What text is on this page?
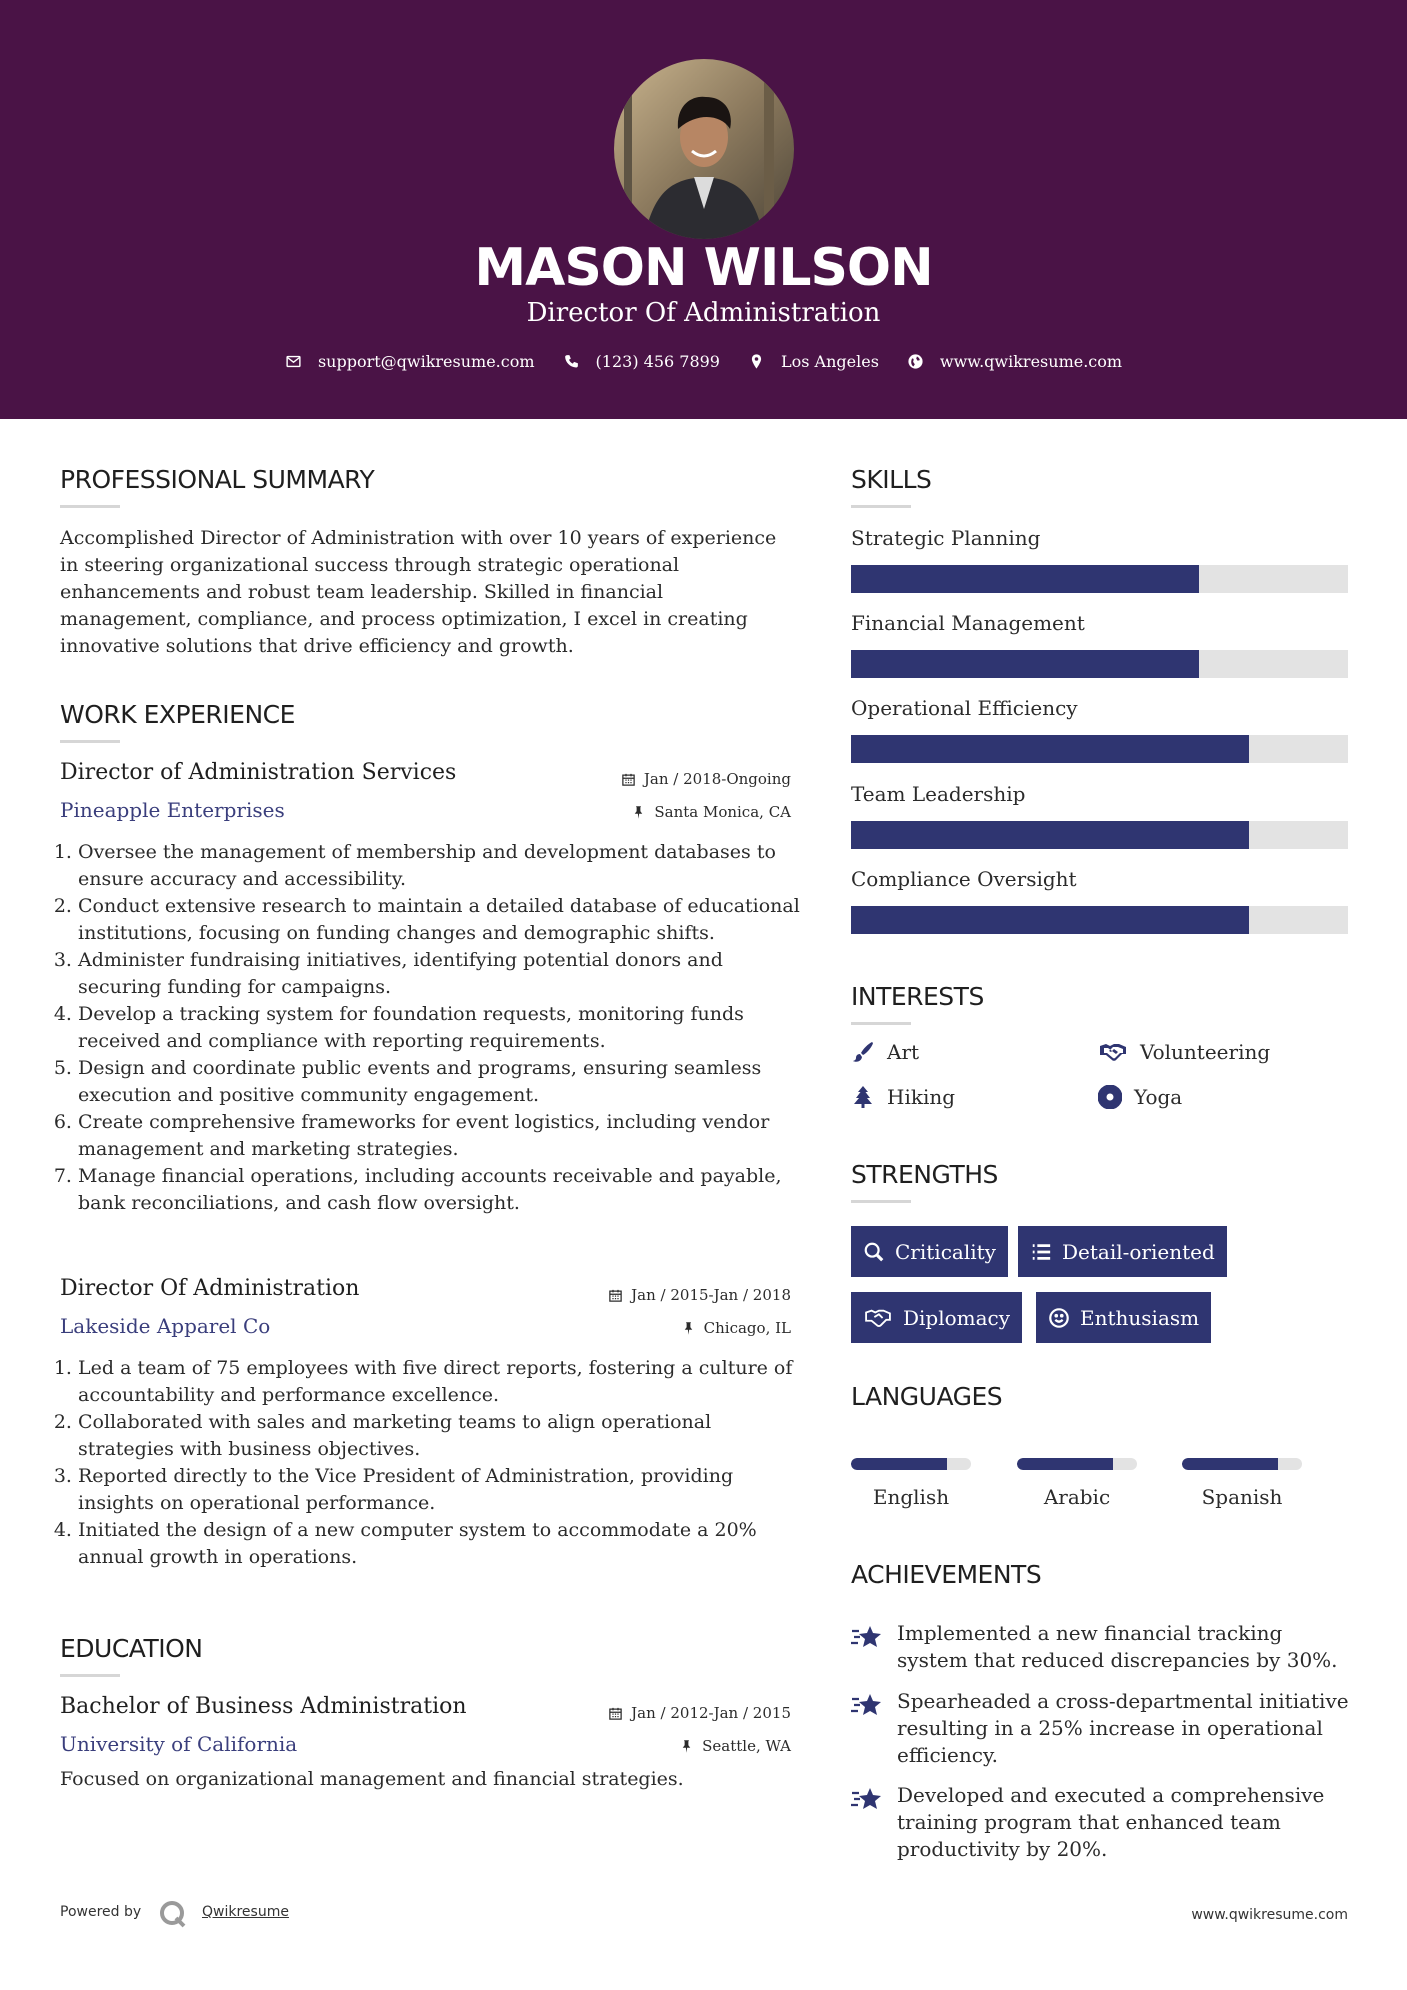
MASON WILSON
Director Of Administration
support@qwikresume.com	(123) 456 7899	Los Angeles	www.qwikresume.com
PROFESSIONAL SUMMARY
Accomplished Director of Administration with over 10 years of experience in steering organizational success through strategic operational enhancements and robust team leadership. Skilled in financial management, compliance, and process optimization, I excel in creating innovative solutions that drive efficiency and growth.
WORK EXPERIENCE
Director of Administration Services	Jan / 2018-Ongoing
Pineapple Enterprises	Santa Monica, CA
1. Oversee the management of membership and development databases to ensure accuracy and accessibility.
2. Conduct extensive research to maintain a detailed database of educational institutions, focusing on funding changes and demographic shifts.
3. Administer fundraising initiatives, identifying potential donors and securing funding for campaigns.
4. Develop a tracking system for foundation requests, monitoring funds received and compliance with reporting requirements.
5. Design and coordinate public events and programs, ensuring seamless execution and positive community engagement.
6. Create comprehensive frameworks for event logistics, including vendor management and marketing strategies.
7. Manage financial operations, including accounts receivable and payable, bank reconciliations, and cash flow oversight.
Director Of Administration	Jan / 2015-Jan / 2018
Lakeside Apparel Co	Chicago, IL
1. Led a team of 75 employees with five direct reports, fostering a culture of accountability and performance excellence.
2. Collaborated with sales and marketing teams to align operational strategies with business objectives.
3. Reported directly to the Vice President of Administration, providing insights on operational performance.
4. Initiated the design of a new computer system to accommodate a 20% annual growth in operations.
EDUCATION
Bachelor of Business Administration	Jan / 2012-Jan / 2015
University of California	Seattle, WA
Focused on organizational management and financial strategies.
SKILLS
Strategic Planning
Financial Management
Operational Efficiency
Team Leadership
Compliance Oversight
INTERESTS
Art	Volunteering
Hiking	Yoga
STRENGTHS
Criticality	Detail-oriented
Diplomacy	Enthusiasm
LANGUAGES
English	Arabic	Spanish
ACHIEVEMENTS
Implemented a new financial tracking system that reduced discrepancies by 30%.
Spearheaded a cross-departmental initiative resulting in a 25% increase in operational efficiency.
Developed and executed a comprehensive training program that enhanced team productivity by 20%.
Powered by	Qwikresume	www.qwikresume.com
